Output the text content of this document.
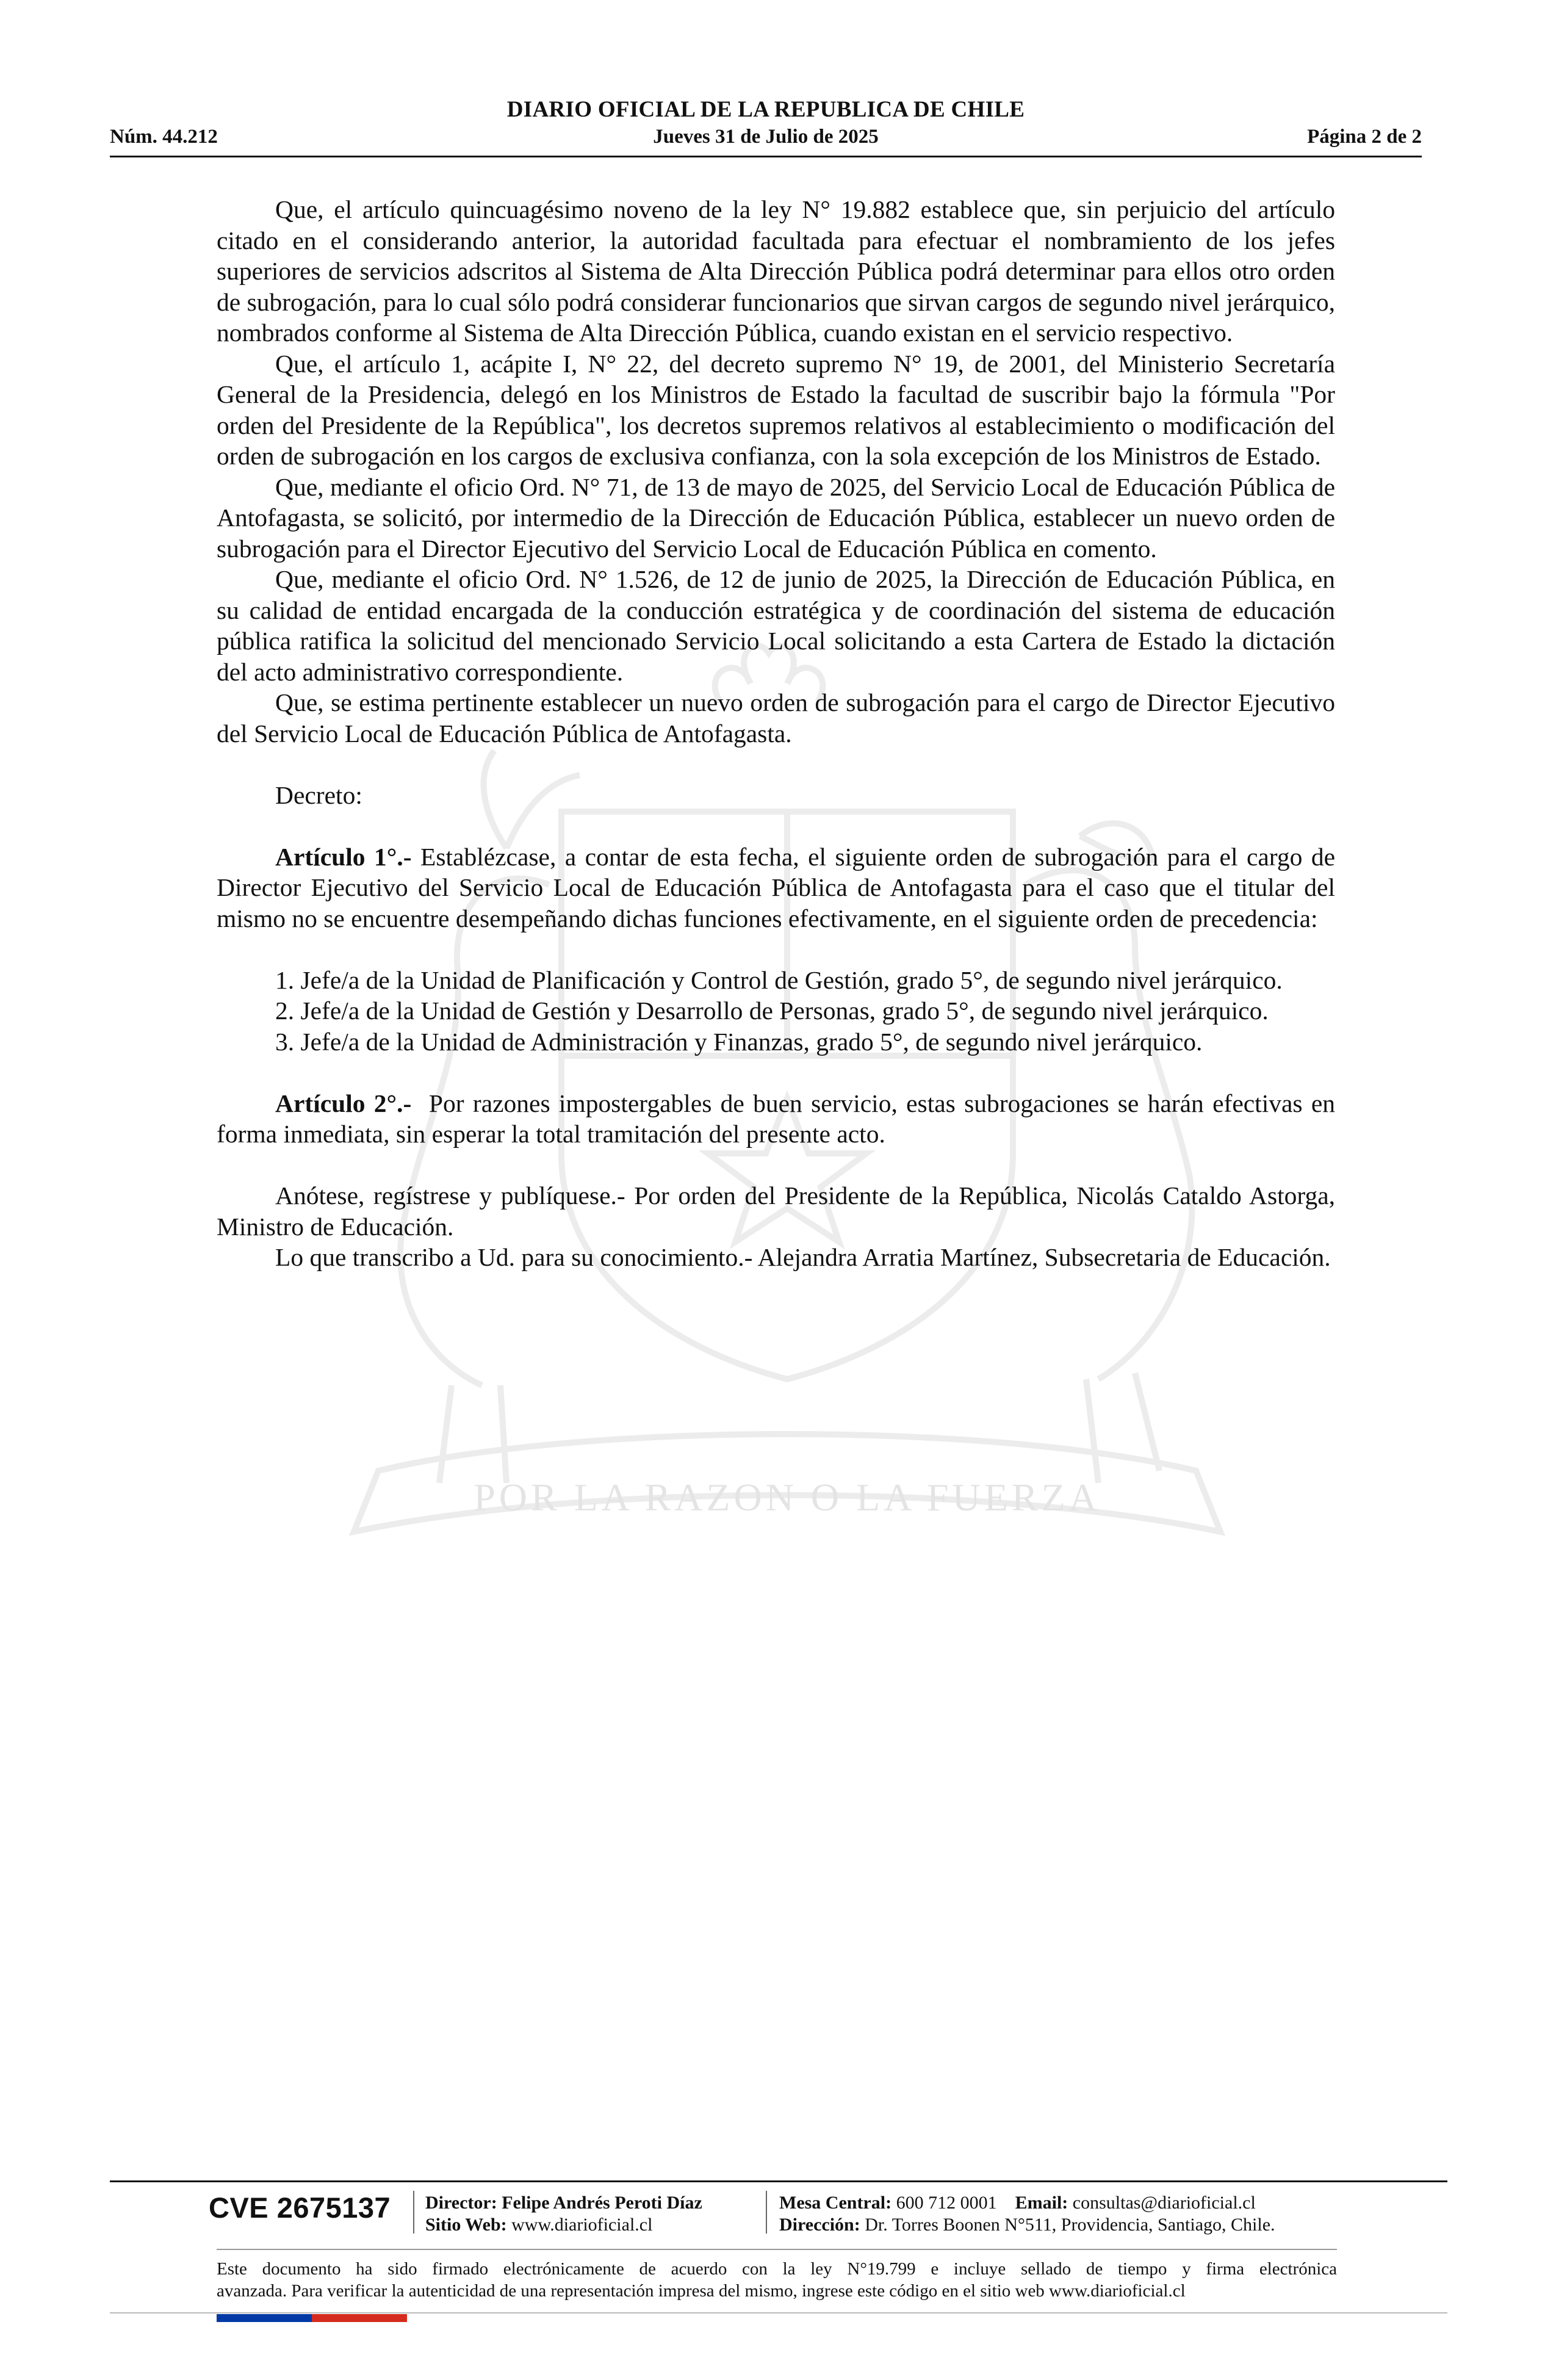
DIARIO OFICIAL DE LA REPUBLICA DE CHILE
Núm. 44.212	Jueves 31 de Julio de 2025	Página 2 de 2
POR LA RAZON O LA FUERZA

Que, el artículo quincuagésimo noveno de la ley N° 19.882 establece que, sin perjuicio del artículo citado en el considerando anterior, la autoridad facultada para efectuar el nombramiento de los jefes superiores de servicios adscritos al Sistema de Alta Dirección Pública podrá determinar para ellos otro orden de subrogación, para lo cual sólo podrá considerar funcionarios que sirvan cargos de segundo nivel jerárquico, nombrados conforme al Sistema de Alta Dirección Pública, cuando existan en el servicio respectivo.

Que, el artículo 1, acápite I, N° 22, del decreto supremo N° 19, de 2001, del Ministerio Secretaría General de la Presidencia, delegó en los Ministros de Estado la facultad de suscribir bajo la fórmula "Por orden del Presidente de la República", los decretos supremos relativos al establecimiento o modificación del orden de subrogación en los cargos de exclusiva confianza, con la sola excepción de los Ministros de Estado.

Que, mediante el oficio Ord. N° 71, de 13 de mayo de 2025, del Servicio Local de Educación Pública de Antofagasta, se solicitó, por intermedio de la Dirección de Educación Pública, establecer un nuevo orden de subrogación para el Director Ejecutivo del Servicio Local de Educación Pública en comento.

Que, mediante el oficio Ord. N° 1.526, de 12 de junio de 2025, la Dirección de Educación Pública, en su calidad de entidad encargada de la conducción estratégica y de coordinación del sistema de educación pública ratifica la solicitud del mencionado Servicio Local solicitando a esta Cartera de Estado la dictación del acto administrativo correspondiente.

Que, se estima pertinente establecer un nuevo orden de subrogación para el cargo de Director Ejecutivo del Servicio Local de Educación Pública de Antofagasta.

Decreto:

Artículo 1°.- Establézcase, a contar de esta fecha, el siguiente orden de subrogación para el cargo de Director Ejecutivo del Servicio Local de Educación Pública de Antofagasta para el caso que el titular del mismo no se encuentre desempeñando dichas funciones efectivamente, en el siguiente orden de precedencia:

1. Jefe/a de la Unidad de Planificación y Control de Gestión, grado 5°, de segundo nivel jerárquico.

2. Jefe/a de la Unidad de Gestión y Desarrollo de Personas, grado 5°, de segundo nivel jerárquico.

3. Jefe/a de la Unidad de Administración y Finanzas, grado 5°, de segundo nivel jerárquico.

Artículo 2°.-  Por razones impostergables de buen servicio, estas subrogaciones se harán efectivas en forma inmediata, sin esperar la total tramitación del presente acto.

Anótese, regístrese y publíquese.- Por orden del Presidente de la República, Nicolás Cataldo Astorga, Ministro de Educación.

Lo que transcribo a Ud. para su conocimiento.- Alejandra Arratia Martínez, Subsecretaria de Educación.

CVE 2675137 Director: Felipe Andrés Peroti Díaz
Sitio Web: www.diarioficial.cl
Mesa Central: 600 712 0001 Email: consultas@diarioficial.cl
Dirección: Dr. Torres Boonen N°511, Providencia, Santiago, Chile.
Este documento ha sido firmado electrónicamente de acuerdo con la ley N°19.799 e incluye sellado de tiempo y firma electrónica
avanzada. Para verificar la autenticidad de una representación impresa del mismo, ingrese este código en el sitio web www.diarioficial.cl
